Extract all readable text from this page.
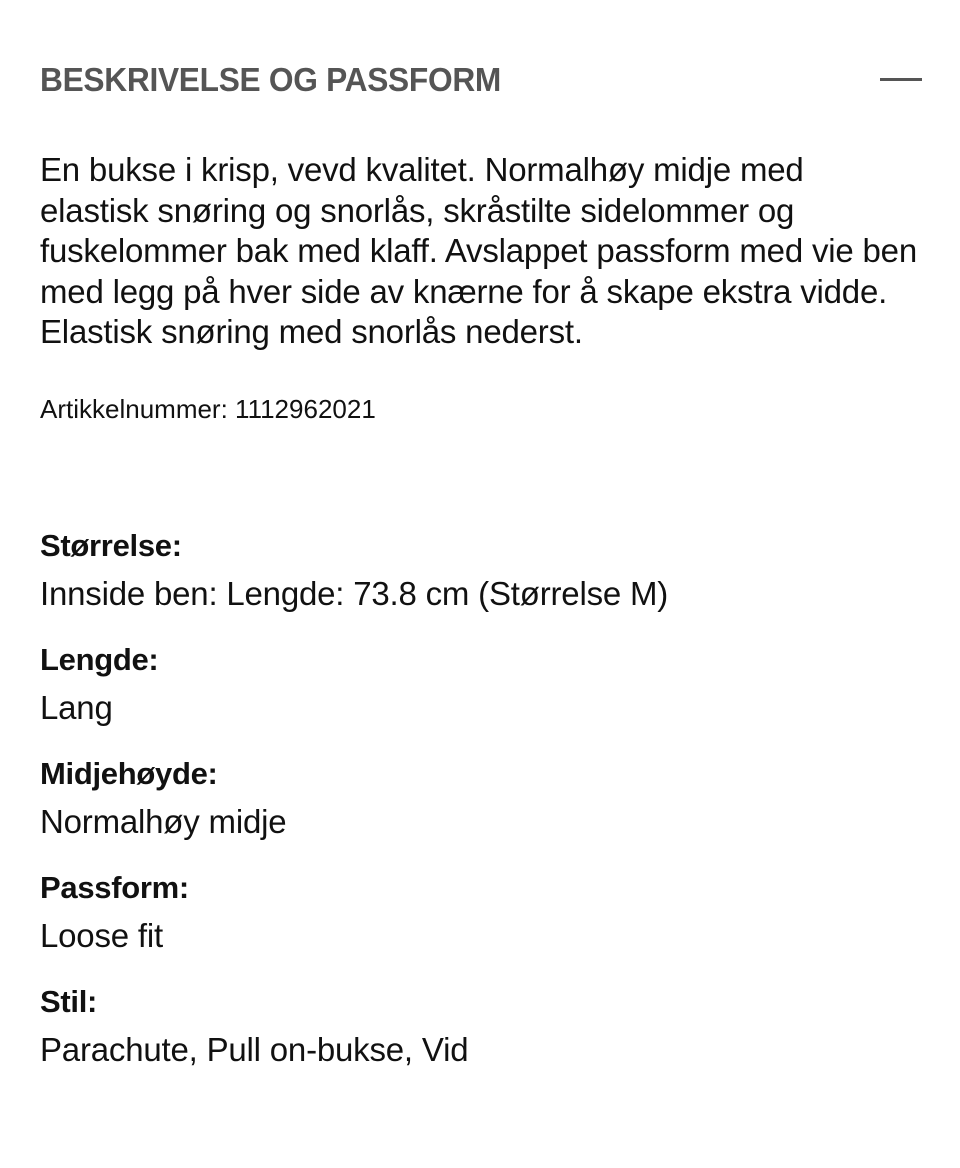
BESKRIVELSE OG PASSFORM
En bukse i krisp, vevd kvalitet. Normalhøy midje med elastisk snøring og snorlås, skråstilte sidelommer og fuskelommer bak med klaff. Avslappet passform med vie ben med legg på hver side av knærne for å skape ekstra vidde. Elastisk snøring med snorlås nederst.
Artikkelnummer: 1112962021
Størrelse:
Innside ben: Lengde: 73.8 cm (Størrelse M)
Lengde:
Lang
Midjehøyde:
Normalhøy midje
Passform:
Loose fit
Stil:
Parachute, Pull on-bukse, Vid
